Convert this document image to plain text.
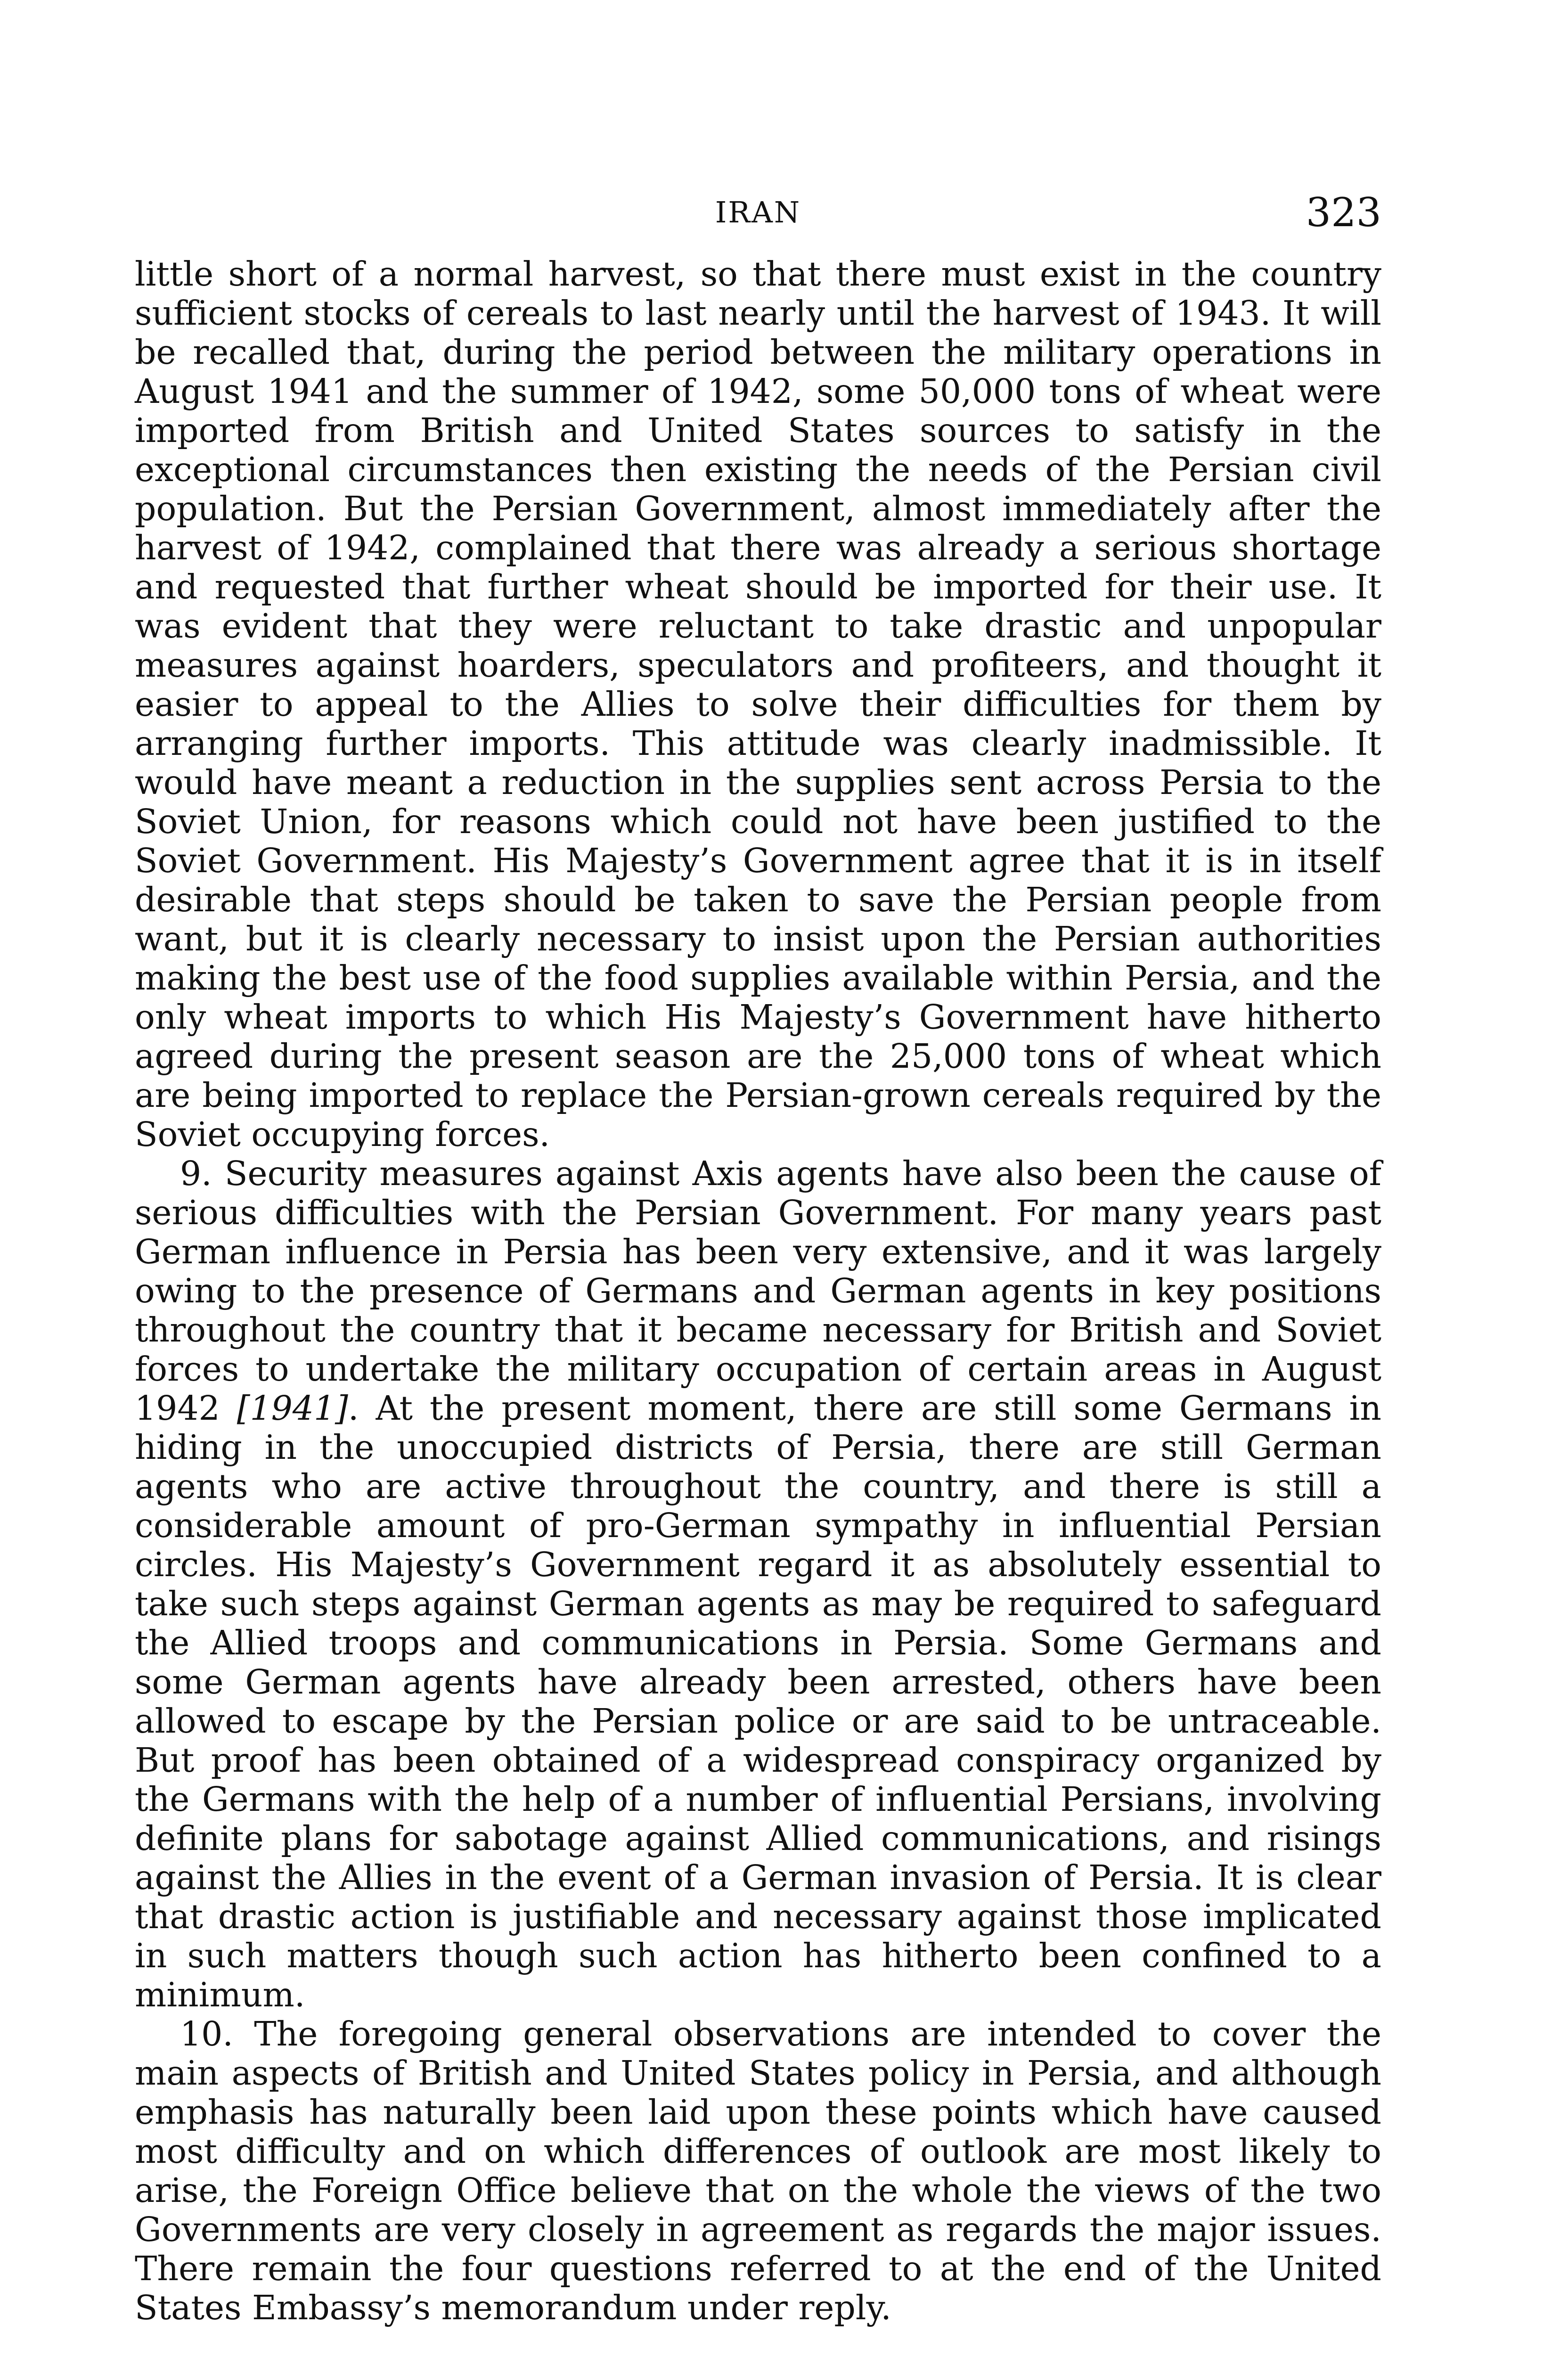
IRAN	323

little short of a normal harvest, so that there must exist in the country sufficient stocks of cereals to last nearly until the harvest of 1943. It will be recalled that, during the period between the military operations in August 1941 and the summer of 1942, some 50,000 tons of wheat were imported from British and United States sources to satisfy in the exceptional circumstances then existing the needs of the Persian civil population. But the Persian Government, almost immediately after the harvest of 1942, complained that there was already a serious shortage and requested that further wheat should be imported for their use. It was evident that they were reluctant to take drastic and unpopular measures against hoarders, speculators and profiteers, and thought it easier to appeal to the Allies to solve their difficulties for them by arranging further imports. This attitude was clearly inadmissible. It would have meant a reduction in the supplies sent across Persia to the Soviet Union, for reasons which could not have been justified to the Soviet Government. His Majesty’s Government agree that it is in itself desirable that steps should be taken to save the Persian people from want, but it is clearly necessary to insist upon the Persian authorities making the best use of the food supplies available within Persia, and the only wheat imports to which His Majesty’s Government have hitherto agreed during the present season are the 25,000 tons of wheat which are being imported to replace the Persian-grown cereals required by the Soviet occupying forces.

9. Security measures against Axis agents have also been the cause of serious difficulties with the Persian Government. For many years past German influence in Persia has been very extensive, and it was largely owing to the presence of Germans and German agents in key positions throughout the country that it became necessary for British and Soviet forces to undertake the military occupation of certain areas in August 1942 [1941]. At the present moment, there are still some Germans in hiding in the unoccupied districts of Persia, there are still German agents who are active throughout the country, and there is still a considerable amount of pro-German sympathy in influential Persian circles. His Majesty’s Government regard it as absolutely essential to take such steps against German agents as may be required to safeguard the Allied troops and communications in Persia. Some Germans and some German agents have already been arrested, others have been allowed to escape by the Persian police or are said to be untraceable. But proof has been obtained of a widespread conspiracy organized by the Germans with the help of a number of influential Persians, involving definite plans for sabotage against Allied communications, and risings against the Allies in the event of a German invasion of Persia. It is clear that drastic action is justifiable and necessary against those implicated in such matters though such action has hitherto been confined to a minimum.

10. The foregoing general observations are intended to cover the main aspects of British and United States policy in Persia, and although emphasis has naturally been laid upon these points which have caused most difficulty and on which differences of outlook are most likely to arise, the Foreign Office believe that on the whole the views of the two Governments are very closely in agreement as regards the major issues. There remain the four questions referred to at the end of the United States Embassy’s memorandum under reply.
